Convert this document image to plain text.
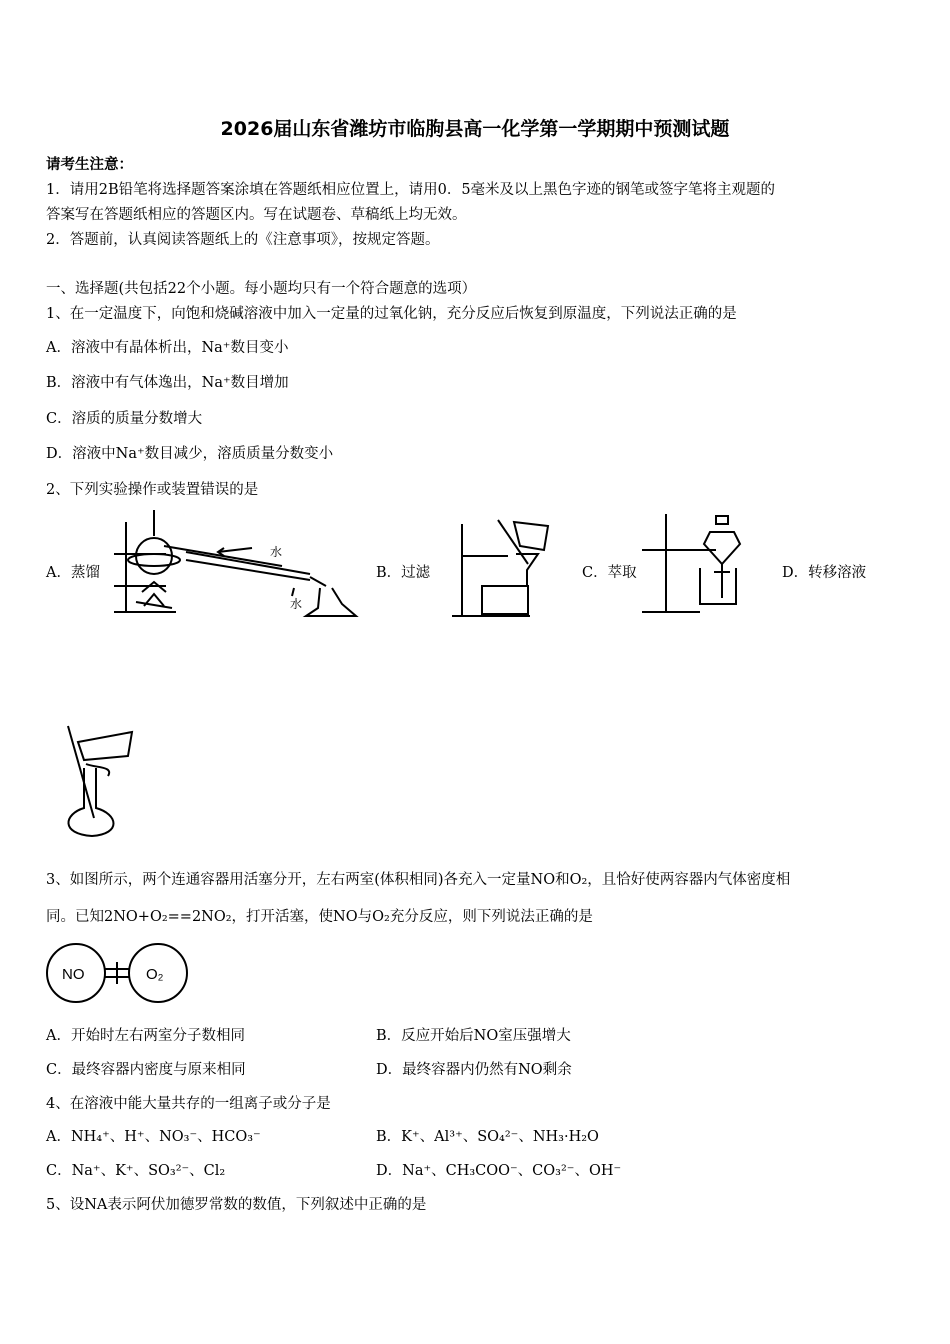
2026届山东省潍坊市临朐县高一化学第一学期期中预测试题
请考生注意：
1．请用2B铅笔将选择题答案涂填在答题纸相应位置上，请用0．5毫米及以上黑色字迹的钢笔或签字笔将主观题的
答案写在答题纸相应的答题区内。写在试题卷、草稿纸上均无效。
2．答题前，认真阅读答题纸上的《注意事项》，按规定答题。
一、选择题(共包括22个小题。每小题均只有一个符合题意的选项）
1、在一定温度下，向饱和烧碱溶液中加入一定量的过氧化钠，充分反应后恢复到原温度，下列说法正确的是
A．溶液中有晶体析出，Na⁺数目变小
B．溶液中有气体逸出，Na⁺数目增加
C．溶质的质量分数增大
D．溶液中Na⁺数目减少，溶质质量分数变小
2、下列实验操作或装置错误的是
A．蒸馏	B．过滤	C．萃取	D．转移溶液
水
水
3、如图所示，两个连通容器用活塞分开，左右两室(体积相同)各充入一定量NO和O₂，且恰好使两容器内气体密度相
同。已知2NO+O₂==2NO₂，打开活塞，使NO与O₂充分反应，则下列说法正确的是
NO	O₂
A．开始时左右两室分子数相同	B．反应开始后NO室压强增大
C．最终容器内密度与原来相同	D．最终容器内仍然有NO剩余
4、在溶液中能大量共存的一组离子或分子是
A．NH₄⁺、H⁺、NO₃⁻、HCO₃⁻	B．K⁺、Al³⁺、SO₄²⁻、NH₃·H₂O
C．Na⁺、K⁺、SO₃²⁻、Cl₂	D．Na⁺、CH₃COO⁻、CO₃²⁻、OH⁻
5、设NA表示阿伏加德罗常数的数值，下列叙述中正确的是
